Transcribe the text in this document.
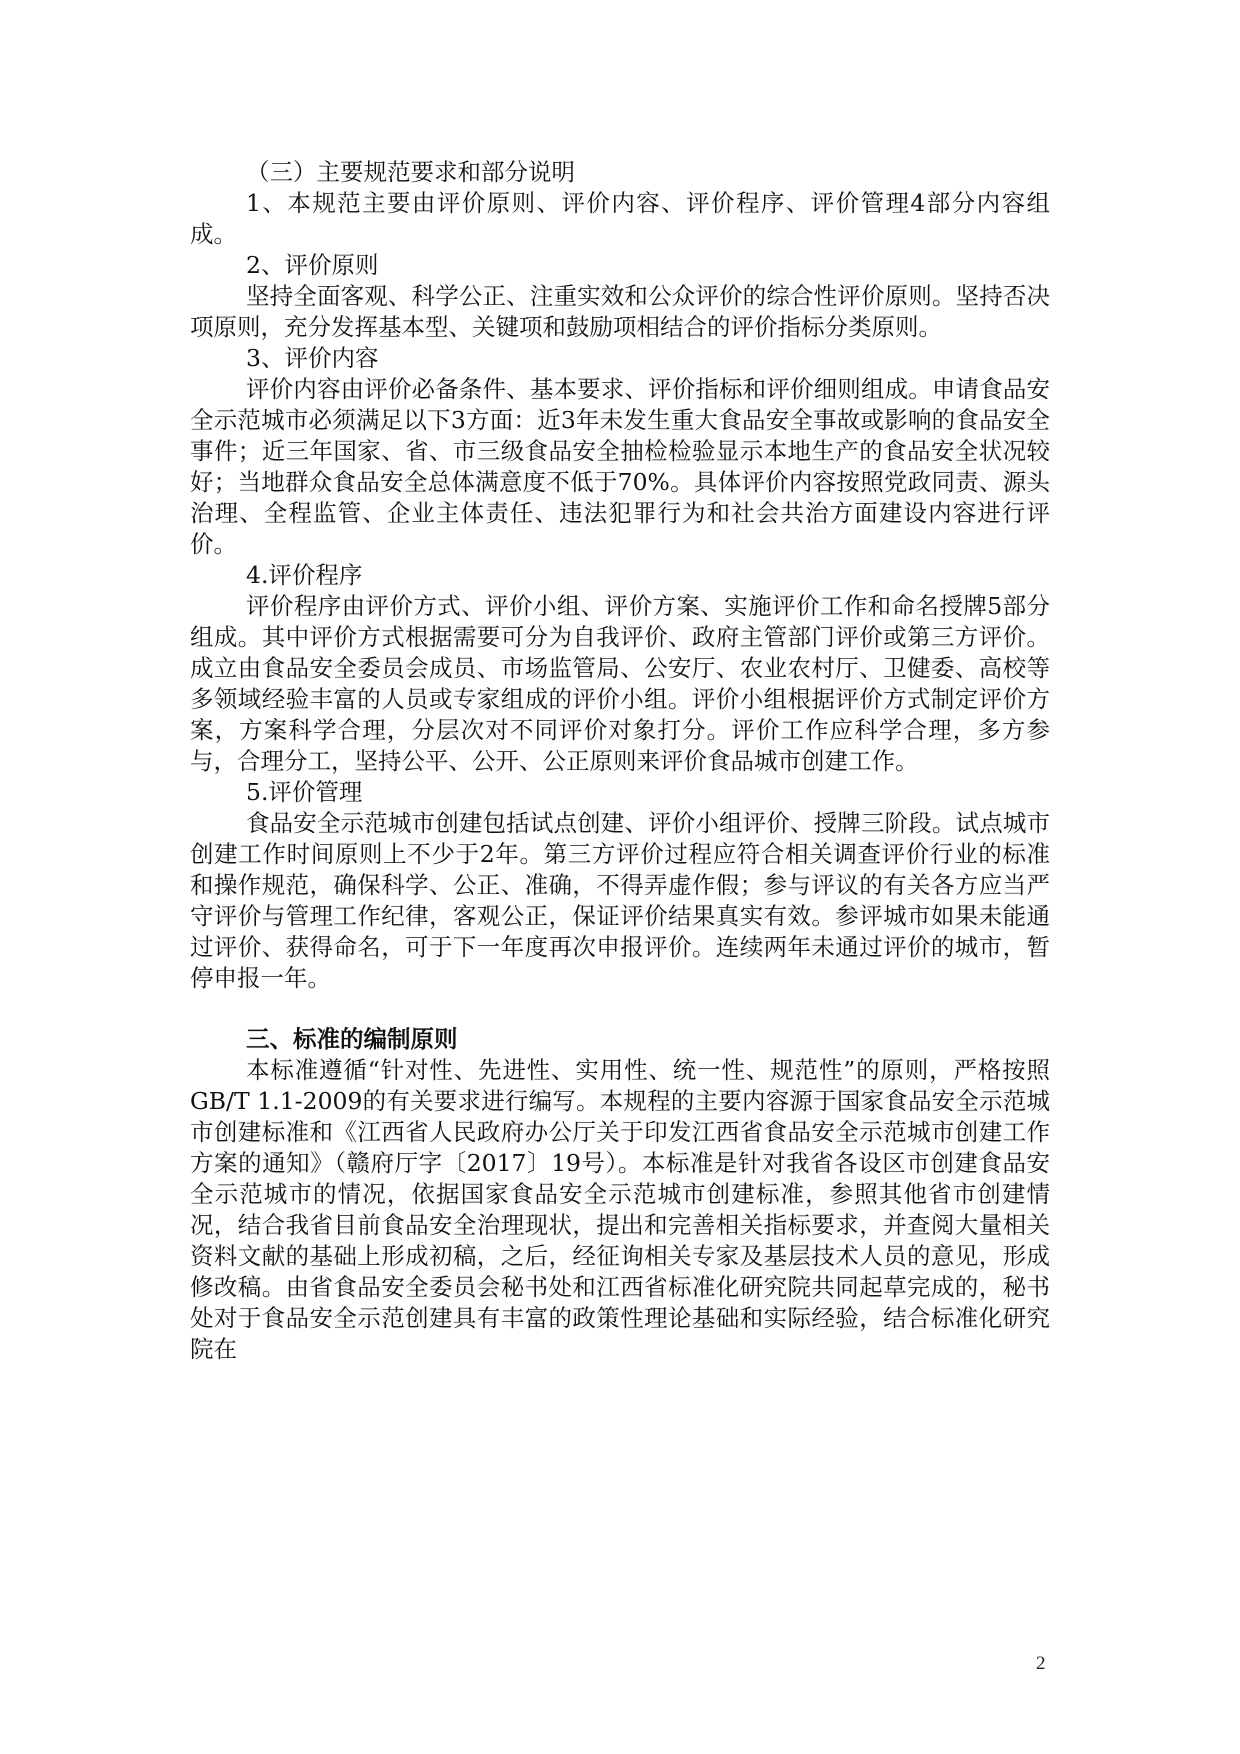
（三）主要规范要求和部分说明

1、本规范主要由评价原则、评价内容、评价程序、评价管理4部分内容组成。

2、评价原则

坚持全面客观、科学公正、注重实效和公众评价的综合性评价原则。坚持否决项原则，充分发挥基本型、关键项和鼓励项相结合的评价指标分类原则。

3、评价内容

评价内容由评价必备条件、基本要求、评价指标和评价细则组成。申请食品安全示范城市必须满足以下3方面：近3年未发生重大食品安全事故或影响的食品安全事件；近三年国家、省、市三级食品安全抽检检验显示本地生产的食品安全状况较好；当地群众食品安全总体满意度不低于70%。具体评价内容按照党政同责、源头治理、全程监管、企业主体责任、违法犯罪行为和社会共治方面建设内容进行评价。

4.评价程序

评价程序由评价方式、评价小组、评价方案、实施评价工作和命名授牌5部分组成。其中评价方式根据需要可分为自我评价、政府主管部门评价或第三方评价。成立由食品安全委员会成员、市场监管局、公安厅、农业农村厅、卫健委、高校等多领域经验丰富的人员或专家组成的评价小组。评价小组根据评价方式制定评价方案，方案科学合理，分层次对不同评价对象打分。评价工作应科学合理，多方参与，合理分工，坚持公平、公开、公正原则来评价食品城市创建工作。

5.评价管理

食品安全示范城市创建包括试点创建、评价小组评价、授牌三阶段。试点城市创建工作时间原则上不少于2年。第三方评价过程应符合相关调查评价行业的标准和操作规范，确保科学、公正、准确，不得弄虚作假；参与评议的有关各方应当严守评价与管理工作纪律，客观公正，保证评价结果真实有效。参评城市如果未能通过评价、获得命名，可于下一年度再次申报评价。连续两年未通过评价的城市，暂停申报一年。

三、标准的编制原则

本标准遵循“针对性、先进性、实用性、统一性、规范性”的原则，严格按照GB/T 1.1-2009的有关要求进行编写。本规程的主要内容源于国家食品安全示范城市创建标准和《江西省人民政府办公厅关于印发江西省食品安全示范城市创建工作方案的通知》（赣府厅字〔2017〕19号）。本标准是针对我省各设区市创建食品安全示范城市的情况，依据国家食品安全示范城市创建标准，参照其他省市创建情况，结合我省目前食品安全治理现状，提出和完善相关指标要求，并查阅大量相关资料文献的基础上形成初稿，之后，经征询相关专家及基层技术人员的意见，形成修改稿。由省食品安全委员会秘书处和江西省标准化研究院共同起草完成的，秘书处对于食品安全示范创建具有丰富的政策性理论基础和实际经验，结合标准化研究院在

2
